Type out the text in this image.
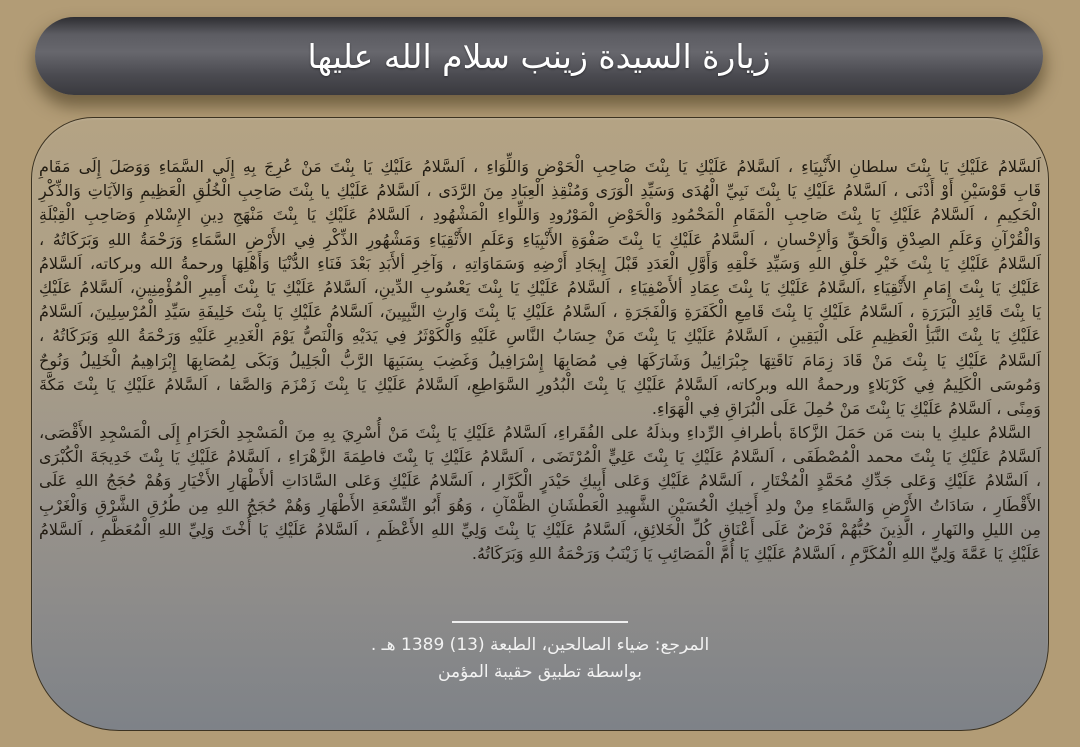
زيارة السيدة زينب سلام الله عليها
اَلسَّلامُ عَلَيْكِ يَا بِنْتَ سلطانِ الأَنْبِيَاءِ ، اَلسَّلامُ عَلَيْكِ يَا بِنْتَ صَاحِبِ الْحَوْضِ وَاللِّوَاءِ ، اَلسَّلامُ عَلَيْكِ يَا بِنْتَ مَنْ عُرِجَ بِهِ إِلَي السَّمَاءِ وَوَصَلَ إِلَى مَقَامِ
قَابِ قَوْسَيْنِ أَوْ أَدْنَى ، اَلسَّلامُ عَلَيْكِ يَا بِنْتَ نَبِيِّ الْهُدَى وَسَيِّدِ الْوَرَى وَمُنْقِذِ الْعِبَادِ مِنَ الرَّدَى ، اَلسَّلامُ عَلَيْكِ يا بِنْتَ صَاحِبِ الْخُلُقِ الْعَظِيمِ وَالآيَاتِ وَالذِّكْرِ
الْحَكِيمِ ، اَلسَّلامُ عَلَيْكِ يَا بِنْتَ صَاحِبِ الْمَقَامِ الْمَحْمُودِ وَالْحَوْضِ الْمَوْرُودِ وَاللِّواءِ الْمَشْهُودِ ، اَلسَّلامُ عَلَيْكِ يَا بِنْتَ مَنْهَجِ دِينِ الإِسْلامِ وَصَاحِبِ الْقِبْلَةِ
وَالْقُرْآنِ وَعَلَمِ الصِدْقِ وَالْحَقِّ وَألإِحْسانِ ، اَلسَّلامُ عَلَيْكِ يَا بِنْتَ صَفْوَةِ الأَنْبِيَاءِ وَعَلَمِ الأَتْقِيَاءِ وَمَشْهُورِ الذِّكْرِ فِي الأَرْضِ السَّمَاءِ وَرَحْمَةُ اللهِ وَبَرَكَاتُهُ ،
اَلسَّلامُ عَلَيْكِ يَا بِنْتَ خَيْرِ خَلْقِ اللهِ وَسَيِّدِ خَلْقِهِ وَأَوَّلِ الْعَدَدِ قَبْلَ إِيجَادِ أَرْضِهِ وَسَمَاوَاتِهِ ، وَآخِرِ ألأَبَدِ بَعْدَ فَنَاءِ الدُّنْيَا وَأَهْلِهَا ورحمةُ الله وبركاته، اَلسَّلامُ
عَلَيْكِ يَا بِنْتَ إِمَامِ الأَتْقِيَاءِ ،اَلسَّلامُ عَلَيْكِ يَا بِنْتَ عِمَادِ ألأَصْفِيَاءِ ، اَلسَّلامُ عَلَيْكِ يَا بِنْتَ يَعْسُوبِ الدِّينِ، اَلسَّلامُ عَلَيْكِ يَا بِنْتَ أَمِيرِ الْمُؤْمِنِينِ، اَلسَّلامُ عَلَيْكِ
يَا بِنْتَ قَائِدِ الْبَرَرَةِ ، اَلسَّلامُ عَلَيْكِ يَا بِنْتَ قَامِعِ الْكَفَرَةِ وَالْفَجَرَةِ ، اَلسَّلامُ عَلَيْكِ يَا بِنْتَ وَارِثِ النَّبِيِينَ، اَلسَّلامُ عَلَيْكِ يَا بِنْتَ خَلِيفَةِ سَيِّدِ الْمُرْسِلِينَ، اَلسَّلامُ
عَلَيْكِ يَا بِنْتَ النَّبَأِ الْعَظِيمِ عَلَى الْيَقِينِ ، اَلسَّلامُ عَلَيْكِ يَا بِنْتَ مَنْ حِسَابُ النَّاسِ عَلَيْهِ وَالْكَوْثَرُ فِي يَدَيْهِ وَالْنَصُّ يَوْمَ الْغَدِيرِ عَلَيْهِ وَرَحْمَةُ اللهِ وَبَرَكَاتُهُ ،
اَلسَّلامُ عَلَيْكِ يَا بِنْتَ مَنْ قَادَ زِمَامَ نَاقَتِهَا جِبْرَائِيلُ وَشَارَكَهَا فِي مُصَابِهَا إِسْرَافِيلُ وَغَضِبَ بِسَبَبِهَا الرَّبُّ الْجَلِيلُ وَبَكَى لِمُصَابِهَا إِبْرَاهِيمُ الْخَلِيلُ وَنُوحٌ
وَمُوسَى الْكَلِيمُ فِي كَرْبَلاءٍ ورحمةُ الله وبركاته، اَلسَّلامُ عَلَيْكِ يَا بِنْتَ الْبُدُورِ السَّوَاطِعِ، اَلسَّلامُ عَلَيْكِ يَا بِنْتَ زَمْزَمَ وَالصَّفا ، اَلسَّلامُ عَلَيْكِ يَا بِنْتَ مَكَّةَ
وَمِنًى ، اَلسَّلامُ عَلَيْكِ يَا بِنْتَ مَنْ حُمِلَ عَلَى الْبُرَاقِ فِي الْهَوَاءِ.
السَّلامُ عليكِ يا بنت مَن حَمَلَ الزَّكاةَ بأطرافِ الرِّداءِ وبذلَهُ على الفُقَراءِ، اَلسَّلامُ عَلَيْكِ يَا بِنْتَ مَنْ أُسْرِيَ بِهِ مِنَ الْمَسْجِدِ الْحَرَامِ إِلَى الْمَسْجِدِ الأَقْصَى،
اَلسَّلامُ عَلَيْكِ يَا بِنْتَ محمد الْمُصْطَفَى ، اَلسَّلامُ عَلَيْكِ يَا بِنْتَ عَلِيٍّ الْمُرْتَضَى ، اَلسَّلامُ عَلَيْكِ يَا بِنْتَ فاطِمَةَ الزَّهْرَاءِ ، اَلسَّلامُ عَلَيْكِ يَا بِنْتَ خَدِيجَةَ الْكُبْرَى
، اَلسَّلامُ عَلَيْكِ وَعَلى جَدِّكِ مُحَمَّدٍ الْمُخْتَارِ ، اَلسَّلامُ عَلَيْكِ وَعَلى أَبِيكِ حَيْدَرٍ الْكَرَّارِ ، اَلسَّلامُ عَلَيْكِ وَعَلى السَّادَاتِ ألأَطْهَارِ الأَخْيَارِ وَهُمْ حُجَجُ اللهِ عَلَى
الأَقْطَارِ ، سَادَاتُ الأَرْضِ وَالسَّمَاءِ مِنْ ولدِ أَخِيكِ الْحُسَيْنِ الشَّهِيدِ الْعَطْشَانِ الظَّمْآنِ ، وَهُوَ أَبُو التِّسْعَةِ الأَطْهَارِ وَهُمْ حُجَجُ اللهِ مِن طُرُقِ الشَّرْقِ وَالْغَرْبِ
مِن الليلِ والنَهارِ ، الَّذِينَ حُبُّهُمْ فَرْضٌ عَلَى أَعْنَاقِ كُلِّ الْخَلائِقِ، اَلسَّلامُ عَلَيْكِ يَا بِنْتَ وَلِيِّ اللهِ الأَعْظَمِ ، اَلسَّلامُ عَلَيْكِ يَا أُخْتَ وَلِيِّ اللهِ الْمُعَظَّمِ ، اَلسَّلامُ
عَلَيْكِ يَا عَمَّةَ وَلِيِّ اللهِ الْمُكَرَّمِ ، اَلسَّلامُ عَلَيْكِ يَا أُمَّ الْمَصَائِبِ يَا زَيْنَبُ وَرَحْمَةُ اللهِ وَبَرَكَاتُهُ.
المرجع: ضياء الصالحين، الطبعة (13) 1389 هـ .
بواسطة تطبيق حقيبة المؤمن
